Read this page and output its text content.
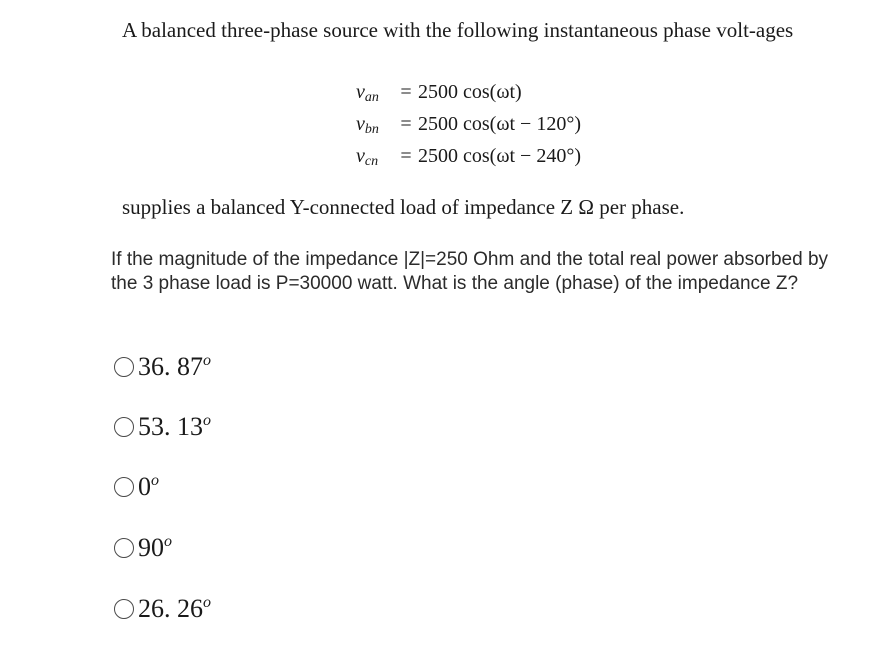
A balanced three-phase source with the following instantaneous phase volt-ages
$v_{an} = 2500$ cos(ωt)
$v_{bn} = 2500$ cos(ωt − 120°)
$v_{cn} = 2500$ cos(ωt − 240°)
supplies a balanced Y-connected load of impedance Z Ω per phase.
If the magnitude of the impedance |Z|=250 Ohm and the total real power absorbed by the 3 phase load is P=30000 watt. What is the angle (phase) of the impedance Z?
36. 87$^o$
53. 13$^o$
0$^o$
90$^o$
26. 26$^o$
